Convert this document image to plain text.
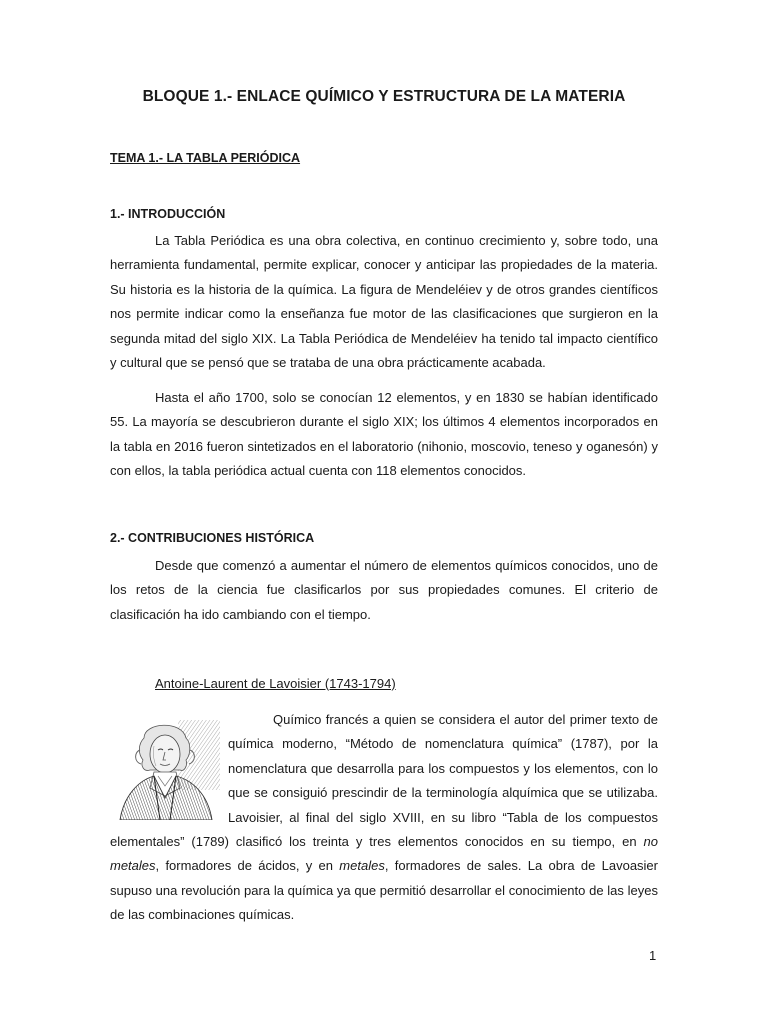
BLOQUE 1.- ENLACE QUÍMICO Y ESTRUCTURA DE LA MATERIA
TEMA 1.- LA TABLA PERIÓDICA
1.- INTRODUCCIÓN

La Tabla Periódica es una obra colectiva, en continuo crecimiento y, sobre todo, una herramienta fundamental, permite explicar, conocer y anticipar las propiedades de la materia. Su historia es la historia de la química. La figura de Mendeléiev y de otros grandes científicos nos permite indicar como la enseñanza fue motor de las clasificaciones que surgieron en la segunda mitad del siglo XIX. La Tabla Periódica de Mendeléiev ha tenido tal impacto científico y cultural que se pensó que se trataba de una obra prácticamente acabada.

Hasta el año 1700, solo se conocían 12 elementos, y en 1830 se habían identificado 55. La mayoría se descubrieron durante el siglo XIX; los últimos 4 elementos incorporados en la tabla en 2016 fueron sintetizados en el laboratorio (nihonio, moscovio, teneso y oganesón) y con ellos, la tabla periódica actual cuenta con 118 elementos conocidos.

2.- CONTRIBUCIONES HISTÓRICA

Desde que comenzó a aumentar el número de elementos químicos conocidos, uno de los retos de la ciencia fue clasificarlos por sus propiedades comunes. El criterio de clasificación ha ido cambiando con el tiempo.

Antoine-Laurent de Lavoisier (1743-1794)

Químico francés a quien se considera el autor del primer texto de química moderno, “Método de nomenclatura química” (1787), por la nomenclatura que desarrolla para los compuestos y los elementos, con lo que se consiguió prescindir de la terminología alquímica que se utilizaba. Lavoisier, al final del siglo XVIII, en su libro “Tabla de los compuestos elementales” (1789) clasificó los treinta y tres elementos conocidos en su tiempo, en no metales, formadores de ácidos, y en metales, formadores de sales. La obra de Lavoasier supuso una revolución para la química ya que permitió desarrollar el conocimiento de las leyes de las combinaciones químicas.

1
